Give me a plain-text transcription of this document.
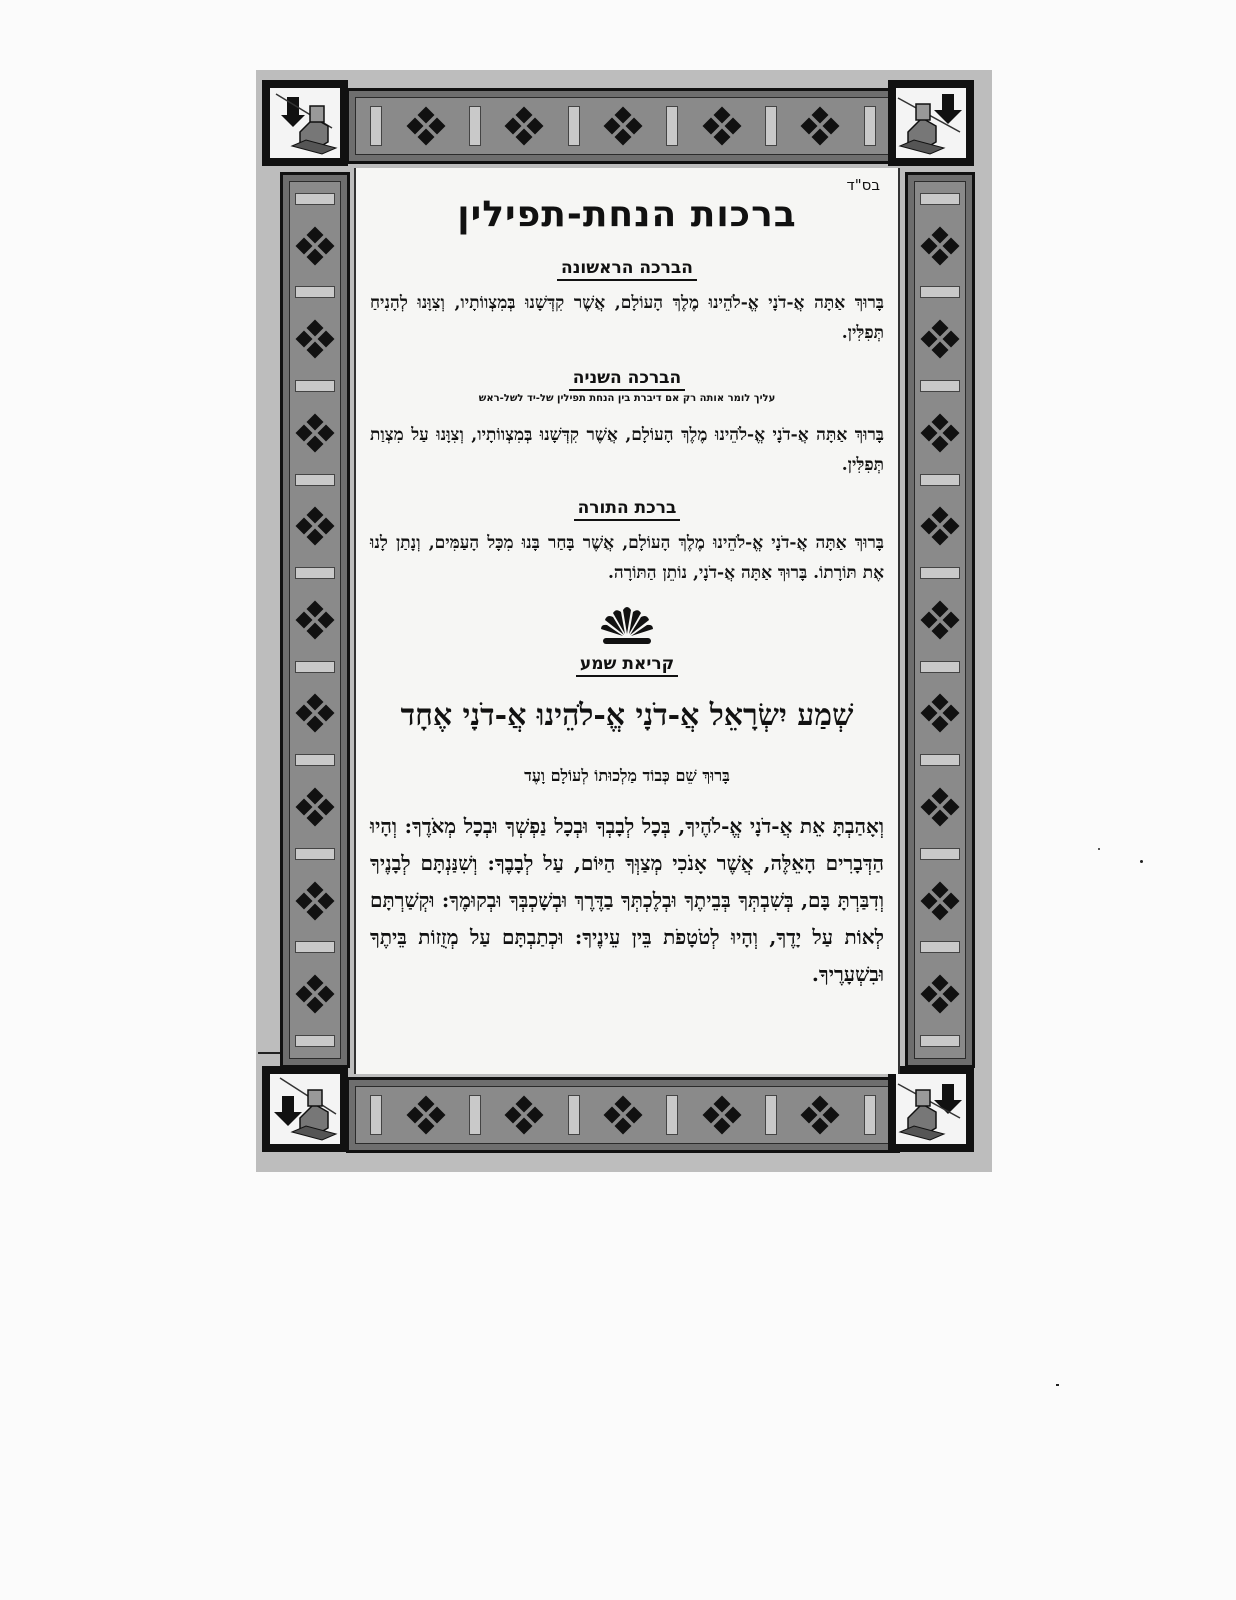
בס"ד
ברכות הנחת-תפילין
הברכה הראשונה
בָּרוּךְ אַתָּה אֲ-דֹנָי אֱ-לֹהֵינוּ מֶלֶךְ הָעוֹלָם, אֲשֶׁר קִדְּשָׁנוּ בְּמִצְווֹתָיו, וְצִוָּנוּ לְהָנִיחַ תְּפִלִּין.
הברכה השניה
עליך לומר אותה רק אם דיברת בין הנחת תפילין של-יד לשל-ראש
בָּרוּךְ אַתָּה אֲ-דֹנָי אֱ-לֹהֵינוּ מֶלֶךְ הָעוֹלָם, אֲשֶׁר קִדְּשָׁנוּ בְּמִצְווֹתָיו, וְצִוָּנוּ עַל מִצְוַת תְּפִלִּין.
ברכת התורה
בָּרוּךְ אַתָּה אֲ-דֹנָי אֱ-לֹהֵינוּ מֶלֶךְ הָעוֹלָם, אֲשֶׁר בָּחַר בָּנוּ מִכָּל הָעַמִּים, וְנָתַן לָנוּ אֶת תּוֹרָתוֹ. בָּרוּךְ אַתָּה אֲ-דֹנָי, נוֹתֵן הַתּוֹרָה.
קריאת שמע
שְׁמַע יִשְׂרָאֵל אֲ-דֹנָי אֱ-לֹהֵינוּ אֲ-דֹנָי אֶחָד
בָּרוּךְ שֵׁם כְּבוֹד מַלְכוּתוֹ לְעוֹלָם וָעֶד
וְאָהַבְתָּ אֵת אֲ-דֹנָי אֱ-לֹהֶיךָ, בְּכָל לְבָבְךָ וּבְכָל נַפְשְׁךָ וּבְכָל מְאֹדֶךָ: וְהָיוּ הַדְּבָרִים הָאֵלֶּה, אֲשֶׁר אָנֹכִי מְצַוְּךָ הַיּוֹם, עַל לְבָבֶךָ: וְשִׁנַּנְתָּם לְבָנֶיךָ וְדִבַּרְתָּ בָּם, בְּשִׁבְתְּךָ בְּבֵיתֶךָ וּבְלֶכְתְּךָ בַדֶּרֶךְ וּבְשָׁכְבְּךָ וּבְקוּמֶךָ: וּקְשַׁרְתָּם לְאוֹת עַל יָדֶךָ, וְהָיוּ לְטֹטָפֹת בֵּין עֵינֶיךָ: וּכְתַבְתָּם עַל מְזֻזוֹת בֵּיתֶךָ וּבִשְׁעָרֶיךָ.
